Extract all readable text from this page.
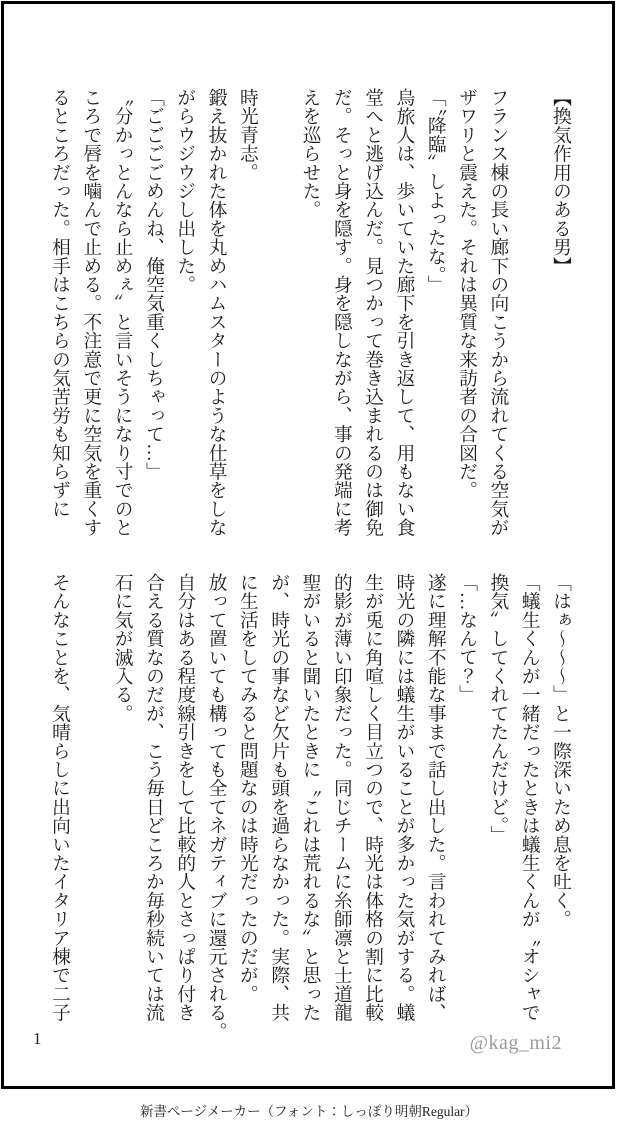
【換気作用のある男】

フランス棟の長い廊下の向こうから流れてくる空気が
ザワリと震えた。それは異質な来訪者の合図だ。
「〝降臨〟しよったな。」
烏旅人は、歩いていた廊下を引き返して、用もない食
堂へと逃げ込んだ。見つかって巻き込まれるのは御免
だ。そっと身を隠す。身を隠しながら、事の発端に考
えを巡らせた。

時光青志。
鍛え抜かれた体を丸めハムスターのような仕草をしな
がらウジウジし出した。
「ごごごごめんね、俺空気重くしちゃって…」
〝分かっとんなら止めぇ〟と言いそうになり寸でのと
ころで唇を噛んで止める。不注意で更に空気を重くす
るところだった。相手はこちらの気苦労も知らずに
「はぁ～～～」と一際深いため息を吐く。
「蟻生くんが一緒だったときは蟻生くんが〝オシャで
換気〟してくれてたんだけど。」
「…なんて？」
遂に理解不能な事まで話し出した。言われてみれば、
時光の隣には蟻生がいることが多かった気がする。蟻
生が兎に角喧しく目立つので、時光は体格の割に比較
的影が薄い印象だった。同じチームに糸師凛と士道龍
聖がいると聞いたときに〝これは荒れるな〟と思った
が、時光の事など欠片も頭を過らなかった。実際、共
に生活をしてみると問題なのは時光だったのだが。
放って置いても構っても全てネガティブに還元される。
自分はある程度線引きをして比較的人とさっぱり付き
合える質なのだが、こう毎日どころか毎秒続いては流
石に気が滅入る。

そんなことを、気晴らしに出向いたイタリア棟で二子
1	@kag_mi2
新書ページメーカー（フォント：しっぽり明朝Regular）
